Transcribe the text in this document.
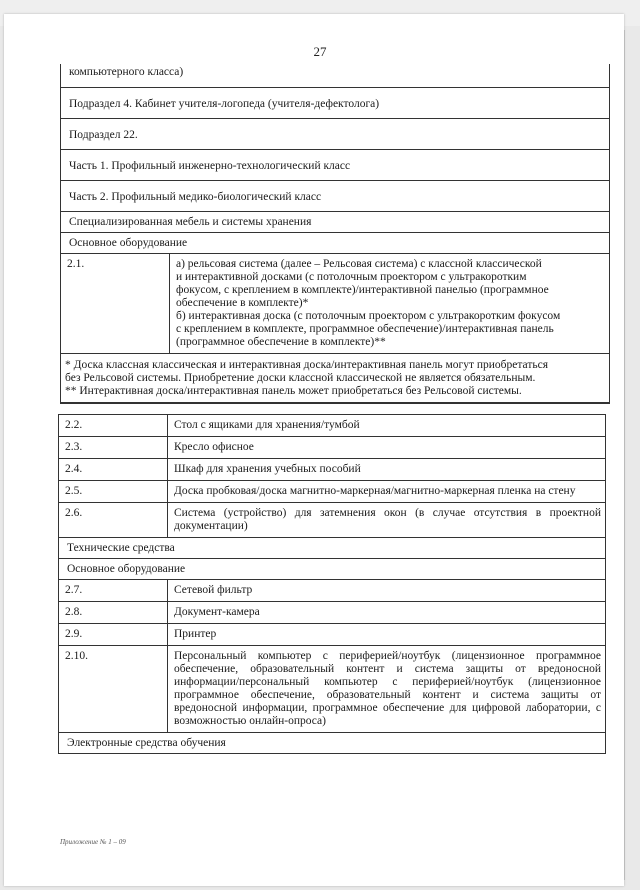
27
компьютерного класса)
Подраздел 4. Кабинет учителя-логопеда (учителя-дефектолога)
Подраздел 22.
Часть 1. Профильный инженерно-технологический класс
Часть 2. Профильный медико-биологический класс
Специализированная мебель и системы хранения
Основное оборудование
2.1.	а) рельсовая система (далее – Рельсовая система) с классной классической
и интерактивной досками (с потолочным проектором с ультракоротким
фокусом, с креплением в комплекте)/интерактивной панелью (программное
обеспечение в комплекте)*
б) интерактивная доска (с потолочным проектором с ультракоротким фокусом
с креплением в комплекте, программное обеспечение)/интерактивная панель
(программное обеспечение в комплекте)**
* Доска классная классическая и интерактивная доска/интерактивная панель могут приобретаться
без Рельсовой системы. Приобретение доски классной классической не является обязательным.
** Интерактивная доска/интерактивная панель может приобретаться без Рельсовой системы.
2.2.	Стол с ящиками для хранения/тумбой
2.3.	Кресло офисное
2.4.	Шкаф для хранения учебных пособий
2.5.	Доска пробковая/доска магнитно-маркерная/магнитно-маркерная пленка на стену
2.6.	Система (устройство) для затемнения окон (в случае отсутствия в проектной документации)
Технические средства
Основное оборудование
2.7.	Сетевой фильтр
2.8.	Документ-камера
2.9.	Принтер
2.10.	Персональный компьютер с периферией/ноутбук (лицензионное программное обеспечение, образовательный контент и система защиты от вредоносной информации/персональный компьютер с периферией/ноутбук (лицензионное программное обеспечение, образовательный контент и система защиты от вредоносной информации, программное обеспечение для цифровой лаборатории, с возможностью онлайн-опроса)
Электронные средства обучения
Приложение № 1 – 09
